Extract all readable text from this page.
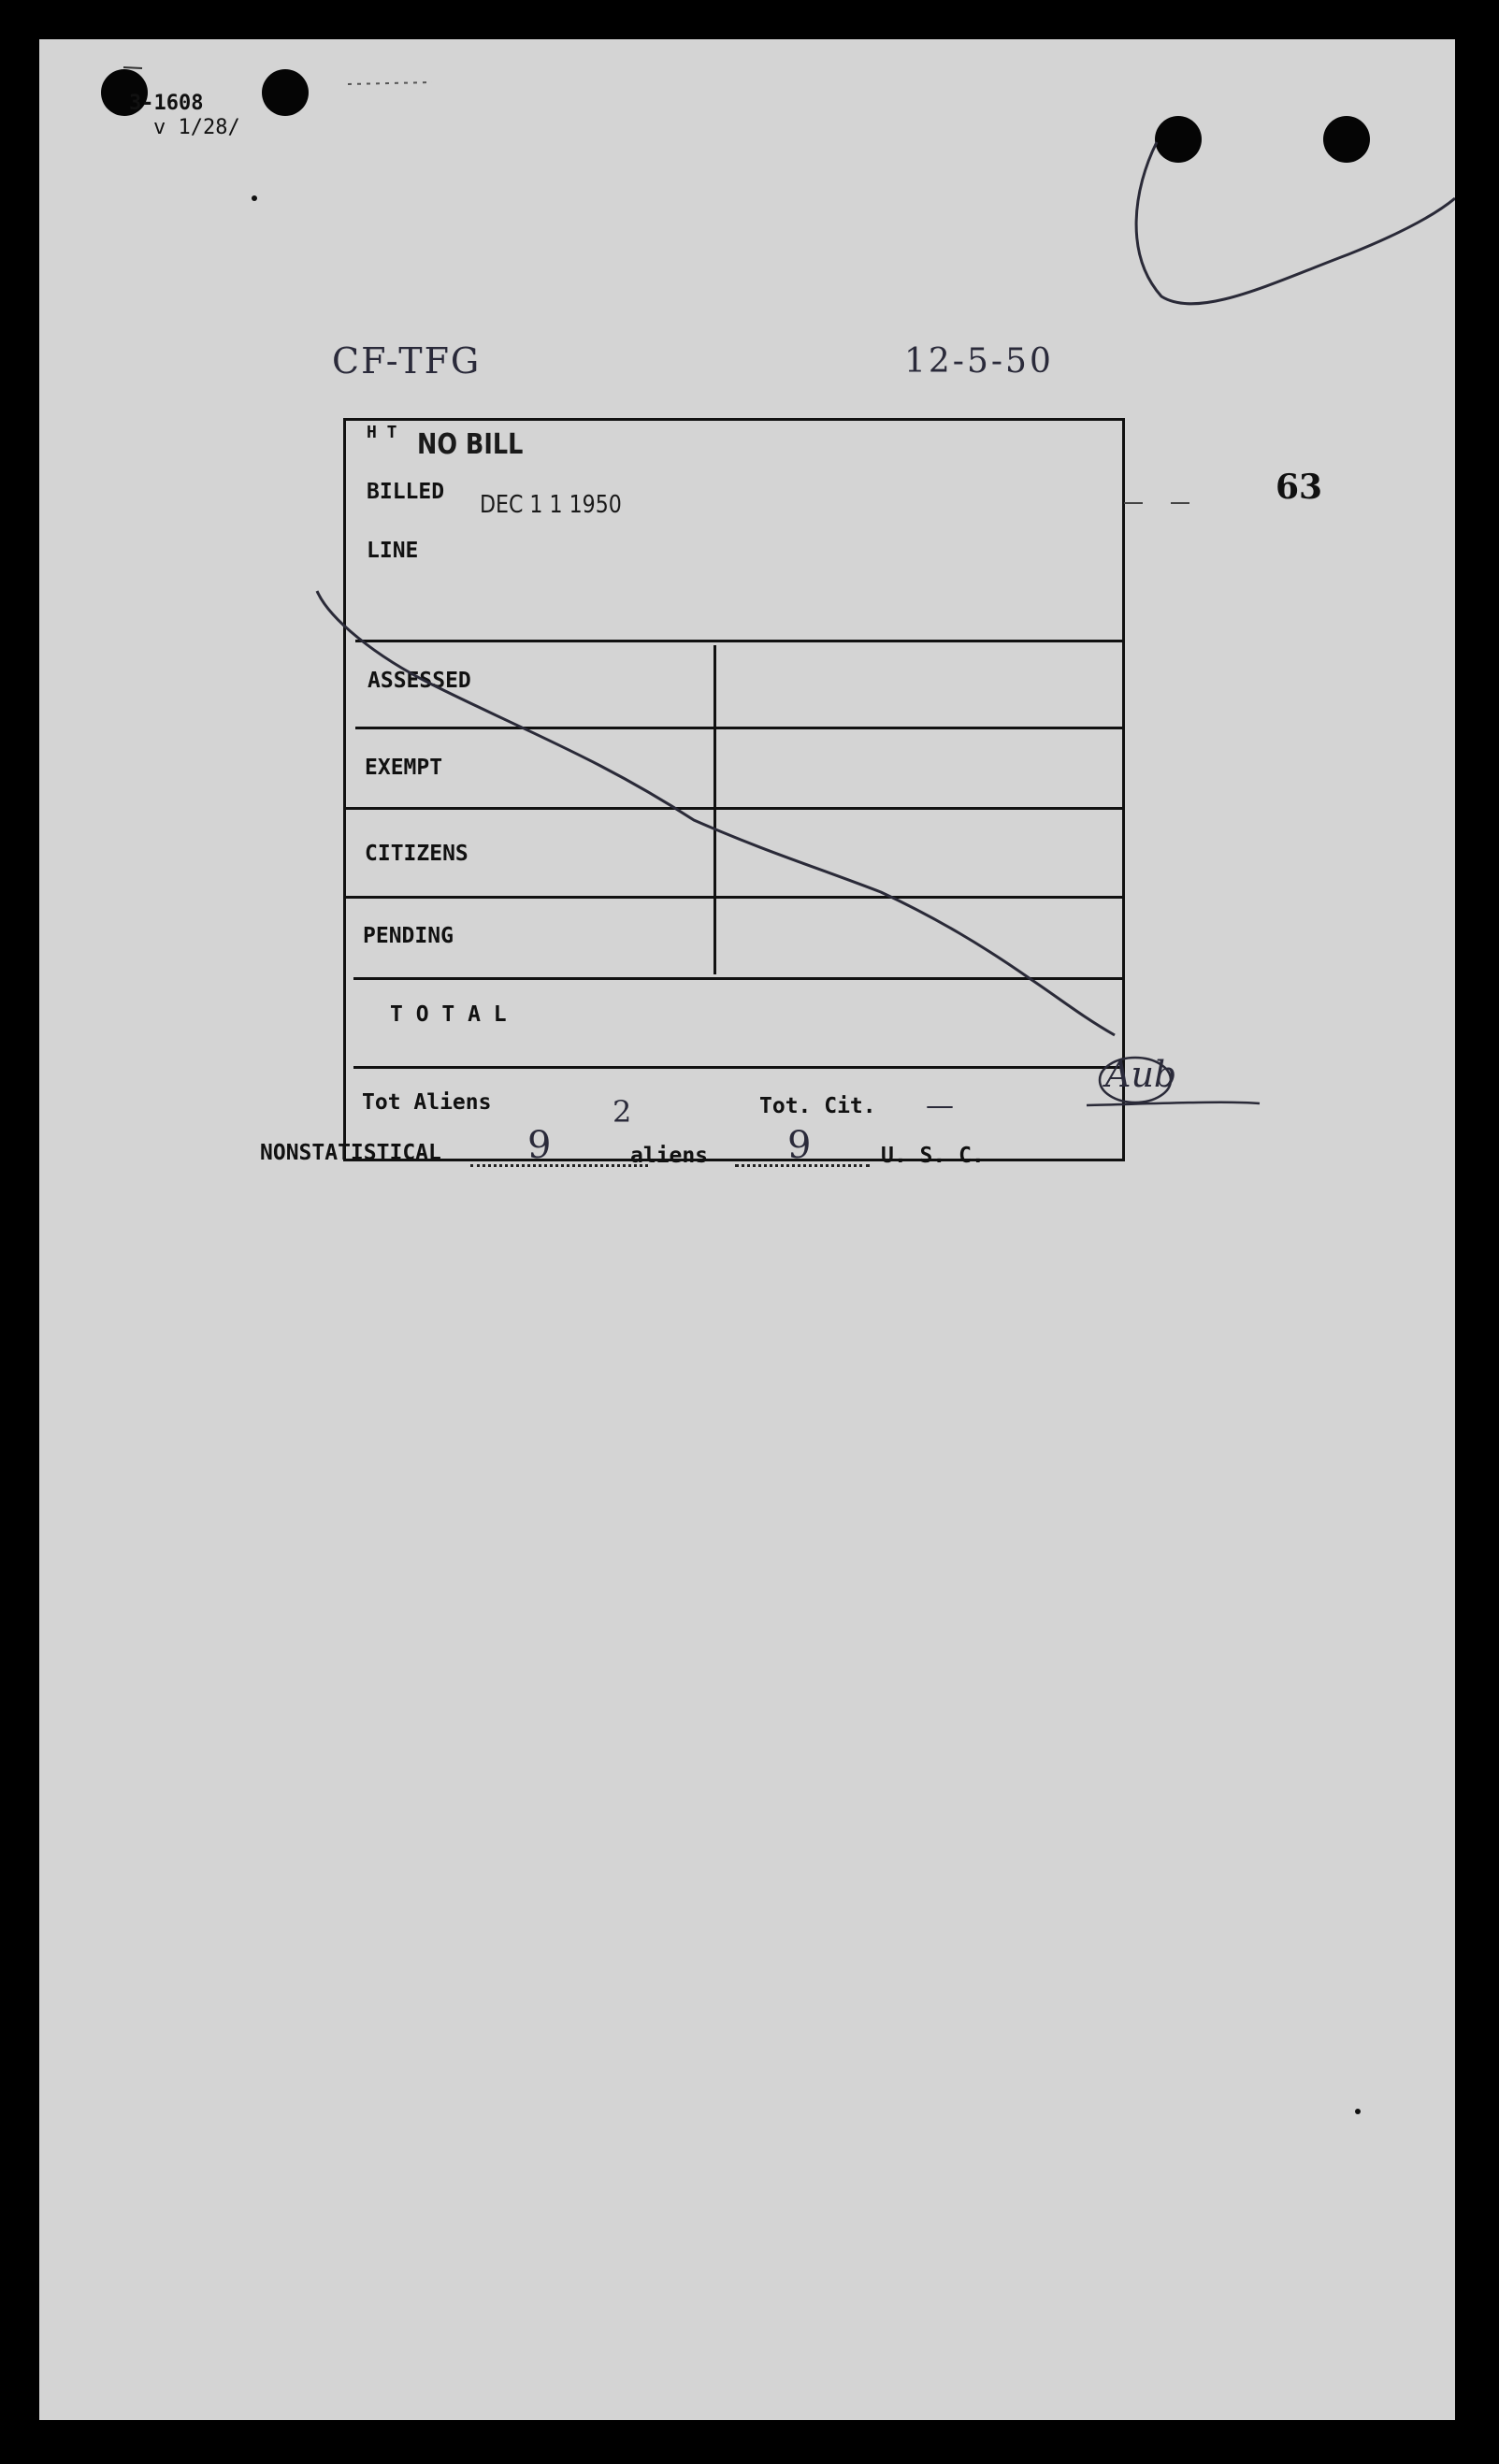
3-1608
v 1/28/
CF-TFG	12-5-50
63
H T NO BILL
BILLED DEC 1 1 1950
LINE
ASSESSED
EXEMPT
CITIZENS
PENDING
T O T A L
Tot Aliens	2	Tot. Cit. —
NONSTATISTICAL 9	aliens 9	U. S. C.
Aub
